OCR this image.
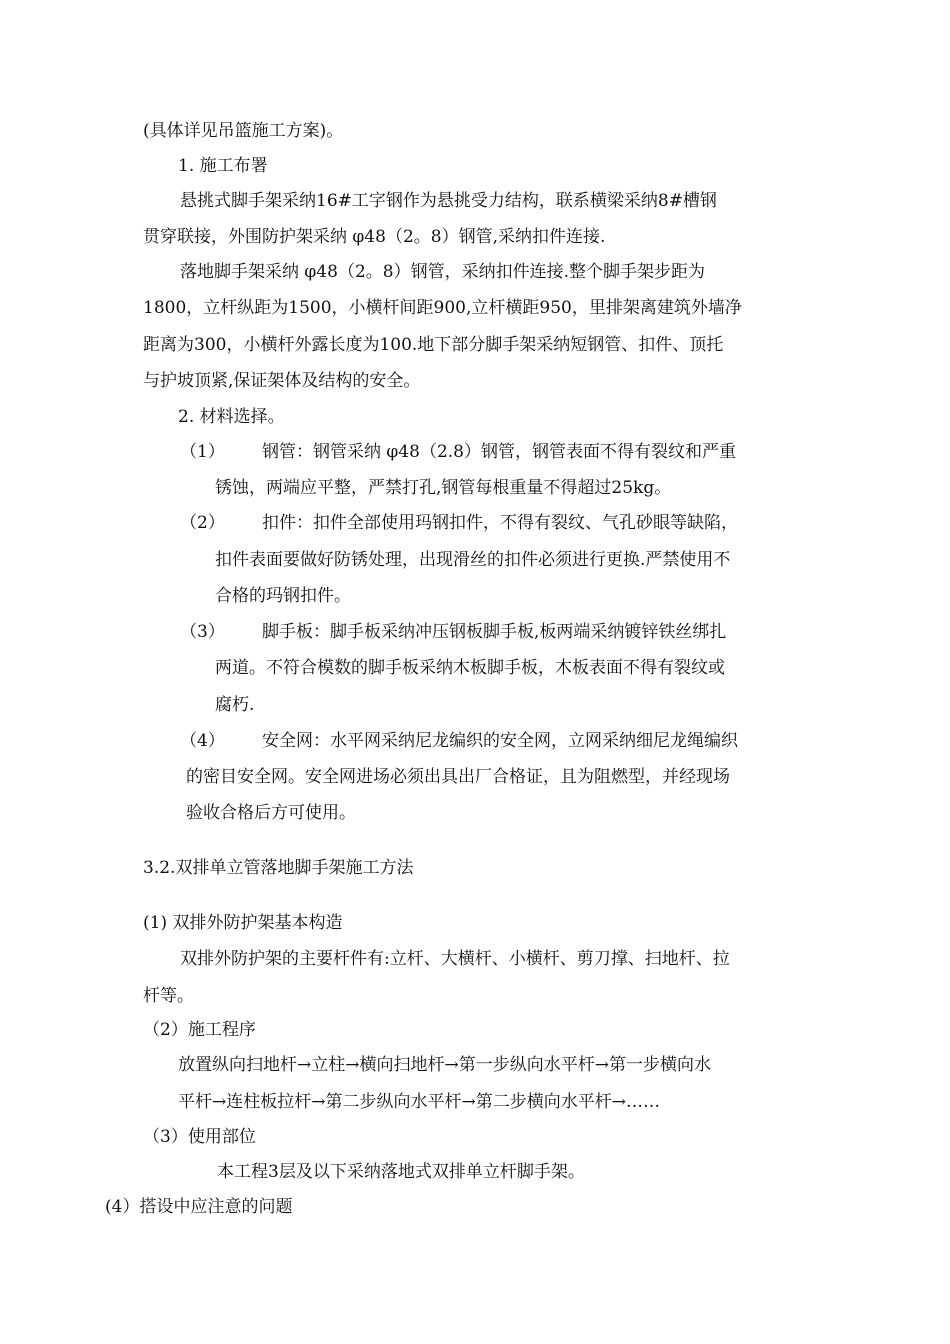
(具体详见吊篮施工方案)。
1. 施工布署
悬挑式脚手架采纳16#工字钢作为悬挑受力结构，联系横梁采纳8#槽钢
贯穿联接，外围防护架采纳 φ48（2。8）钢管,采纳扣件连接.
落地脚手架采纳 φ48（2。8）钢管，采纳扣件连接.整个脚手架步距为
1800，立杆纵距为1500，小横杆间距900,立杆横距950，里排架离建筑外墙净
距离为300，小横杆外露长度为100.地下部分脚手架采纳短钢管、扣件、顶托
与护坡顶紧,保证架体及结构的安全。
2. 材料选择。
（1） 钢管：钢管采纳 φ48（2.8）钢管，钢管表面不得有裂纹和严重
锈蚀，两端应平整，严禁打孔,钢管每根重量不得超过25kg。
（2） 扣件：扣件全部使用玛钢扣件，不得有裂纹、气孔砂眼等缺陷，
扣件表面要做好防锈处理，出现滑丝的扣件必须进行更换.严禁使用不
合格的玛钢扣件。
（3） 脚手板：脚手板采纳冲压钢板脚手板,板两端采纳镀锌铁丝绑扎
两道。不符合模数的脚手板采纳木板脚手板，木板表面不得有裂纹或
腐朽.
（4） 安全网：水平网采纳尼龙编织的安全网，立网采纳细尼龙绳编织
的密目安全网。安全网进场必须出具出厂合格证，且为阻燃型，并经现场
验收合格后方可使用。
3.2.双排单立管落地脚手架施工方法
(1) 双排外防护架基本构造
双排外防护架的主要杆件有:立杆、大横杆、小横杆、剪刀撑、扫地杆、拉
杆等。
（2）施工程序
放置纵向扫地杆→立柱→横向扫地杆→第一步纵向水平杆→第一步横向水
平杆→连柱板拉杆→第二步纵向水平杆→第二步横向水平杆→……
（3）使用部位
本工程3层及以下采纳落地式双排单立杆脚手架。
(4）搭设中应注意的问题
